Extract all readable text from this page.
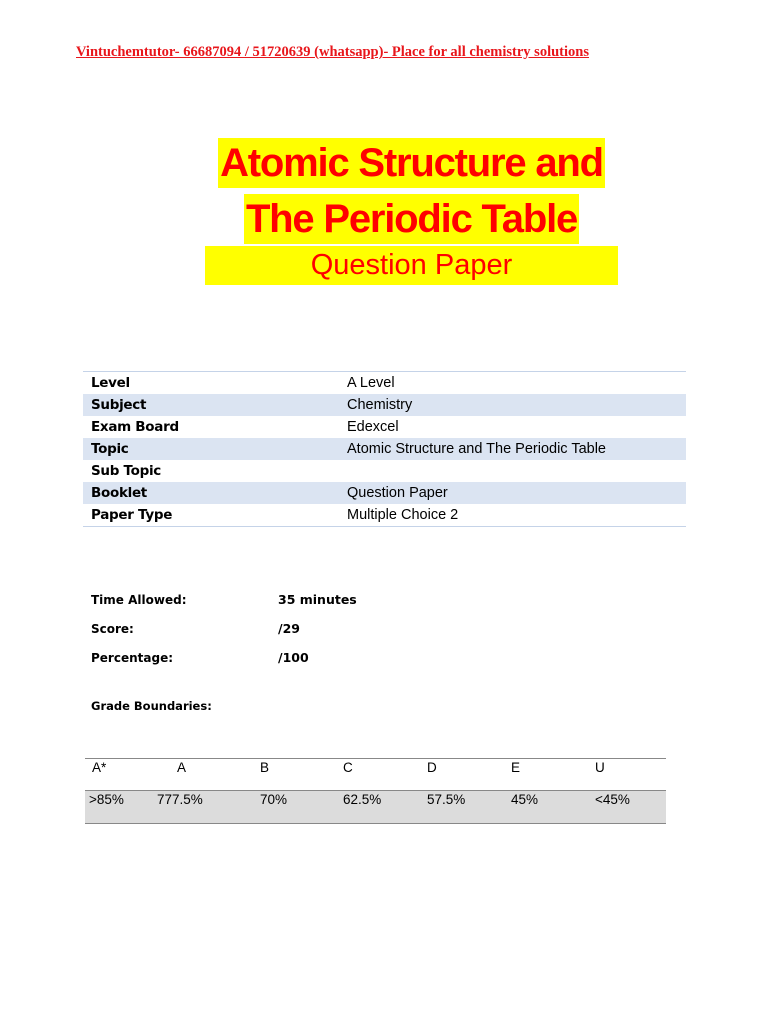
Vintuchemtutor- 66687094 / 51720639 (whatsapp)- Place for all chemistry solutions
Atomic Structure and
The Periodic Table
Question Paper
Level	A Level
Subject	Chemistry
Exam Board	Edexcel
Topic	Atomic Structure and The Periodic Table
Sub Topic
Booklet	Question Paper
Paper Type	Multiple Choice 2
Time Allowed:	35 minutes
Score:	/29
Percentage:	/100
Grade Boundaries:
A*	A	B	C	D	E	U
>85% 777.5%	70%	62.5%	57.5%	45%	<45%
